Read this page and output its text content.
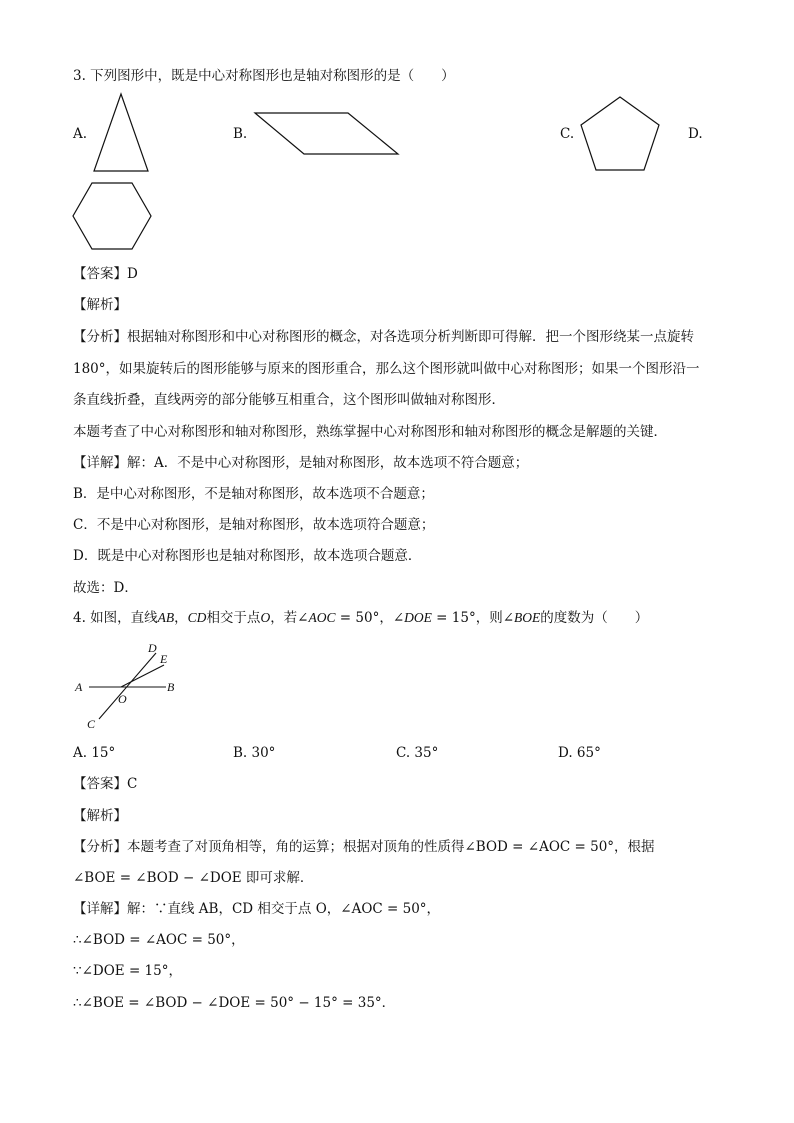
3. 下列图形中，既是中心对称图形也是轴对称图形的是（　　）
A.	B.	C.	D.
【答案】D
【解析】
【分析】根据轴对称图形和中心对称图形的概念，对各选项分析判断即可得解．把一个图形绕某一点旋转
180°，如果旋转后的图形能够与原来的图形重合，那么这个图形就叫做中心对称图形；如果一个图形沿一
条直线折叠，直线两旁的部分能够互相重合，这个图形叫做轴对称图形．
本题考查了中心对称图形和轴对称图形，熟练掌握中心对称图形和轴对称图形的概念是解题的关键．
【详解】解：A．不是中心对称图形，是轴对称图形，故本选项不符合题意；
B．是中心对称图形，不是轴对称图形，故本选项不合题意；
C．不是中心对称图形，是轴对称图形，故本选项符合题意；
D．既是中心对称图形也是轴对称图形，故本选项合题意．
故选：D．
4. 如图，直线AB，CD相交于点O，若∠AOC = 50°，∠DOE = 15°，则∠BOE的度数为（　　）
A	B
C
D
E
O
A. 15°	B. 30°	C. 35°	D. 65°
【答案】C
【解析】
【分析】本题考查了对顶角相等，角的运算；根据对顶角的性质得∠BOD = ∠AOC = 50°，根据
∠BOE = ∠BOD − ∠DOE 即可求解．
【详解】解：∵直线 AB，CD 相交于点 O，∠AOC = 50°，
∴∠BOD = ∠AOC = 50°，
∵∠DOE = 15°，
∴∠BOE = ∠BOD − ∠DOE = 50° − 15° = 35°．
